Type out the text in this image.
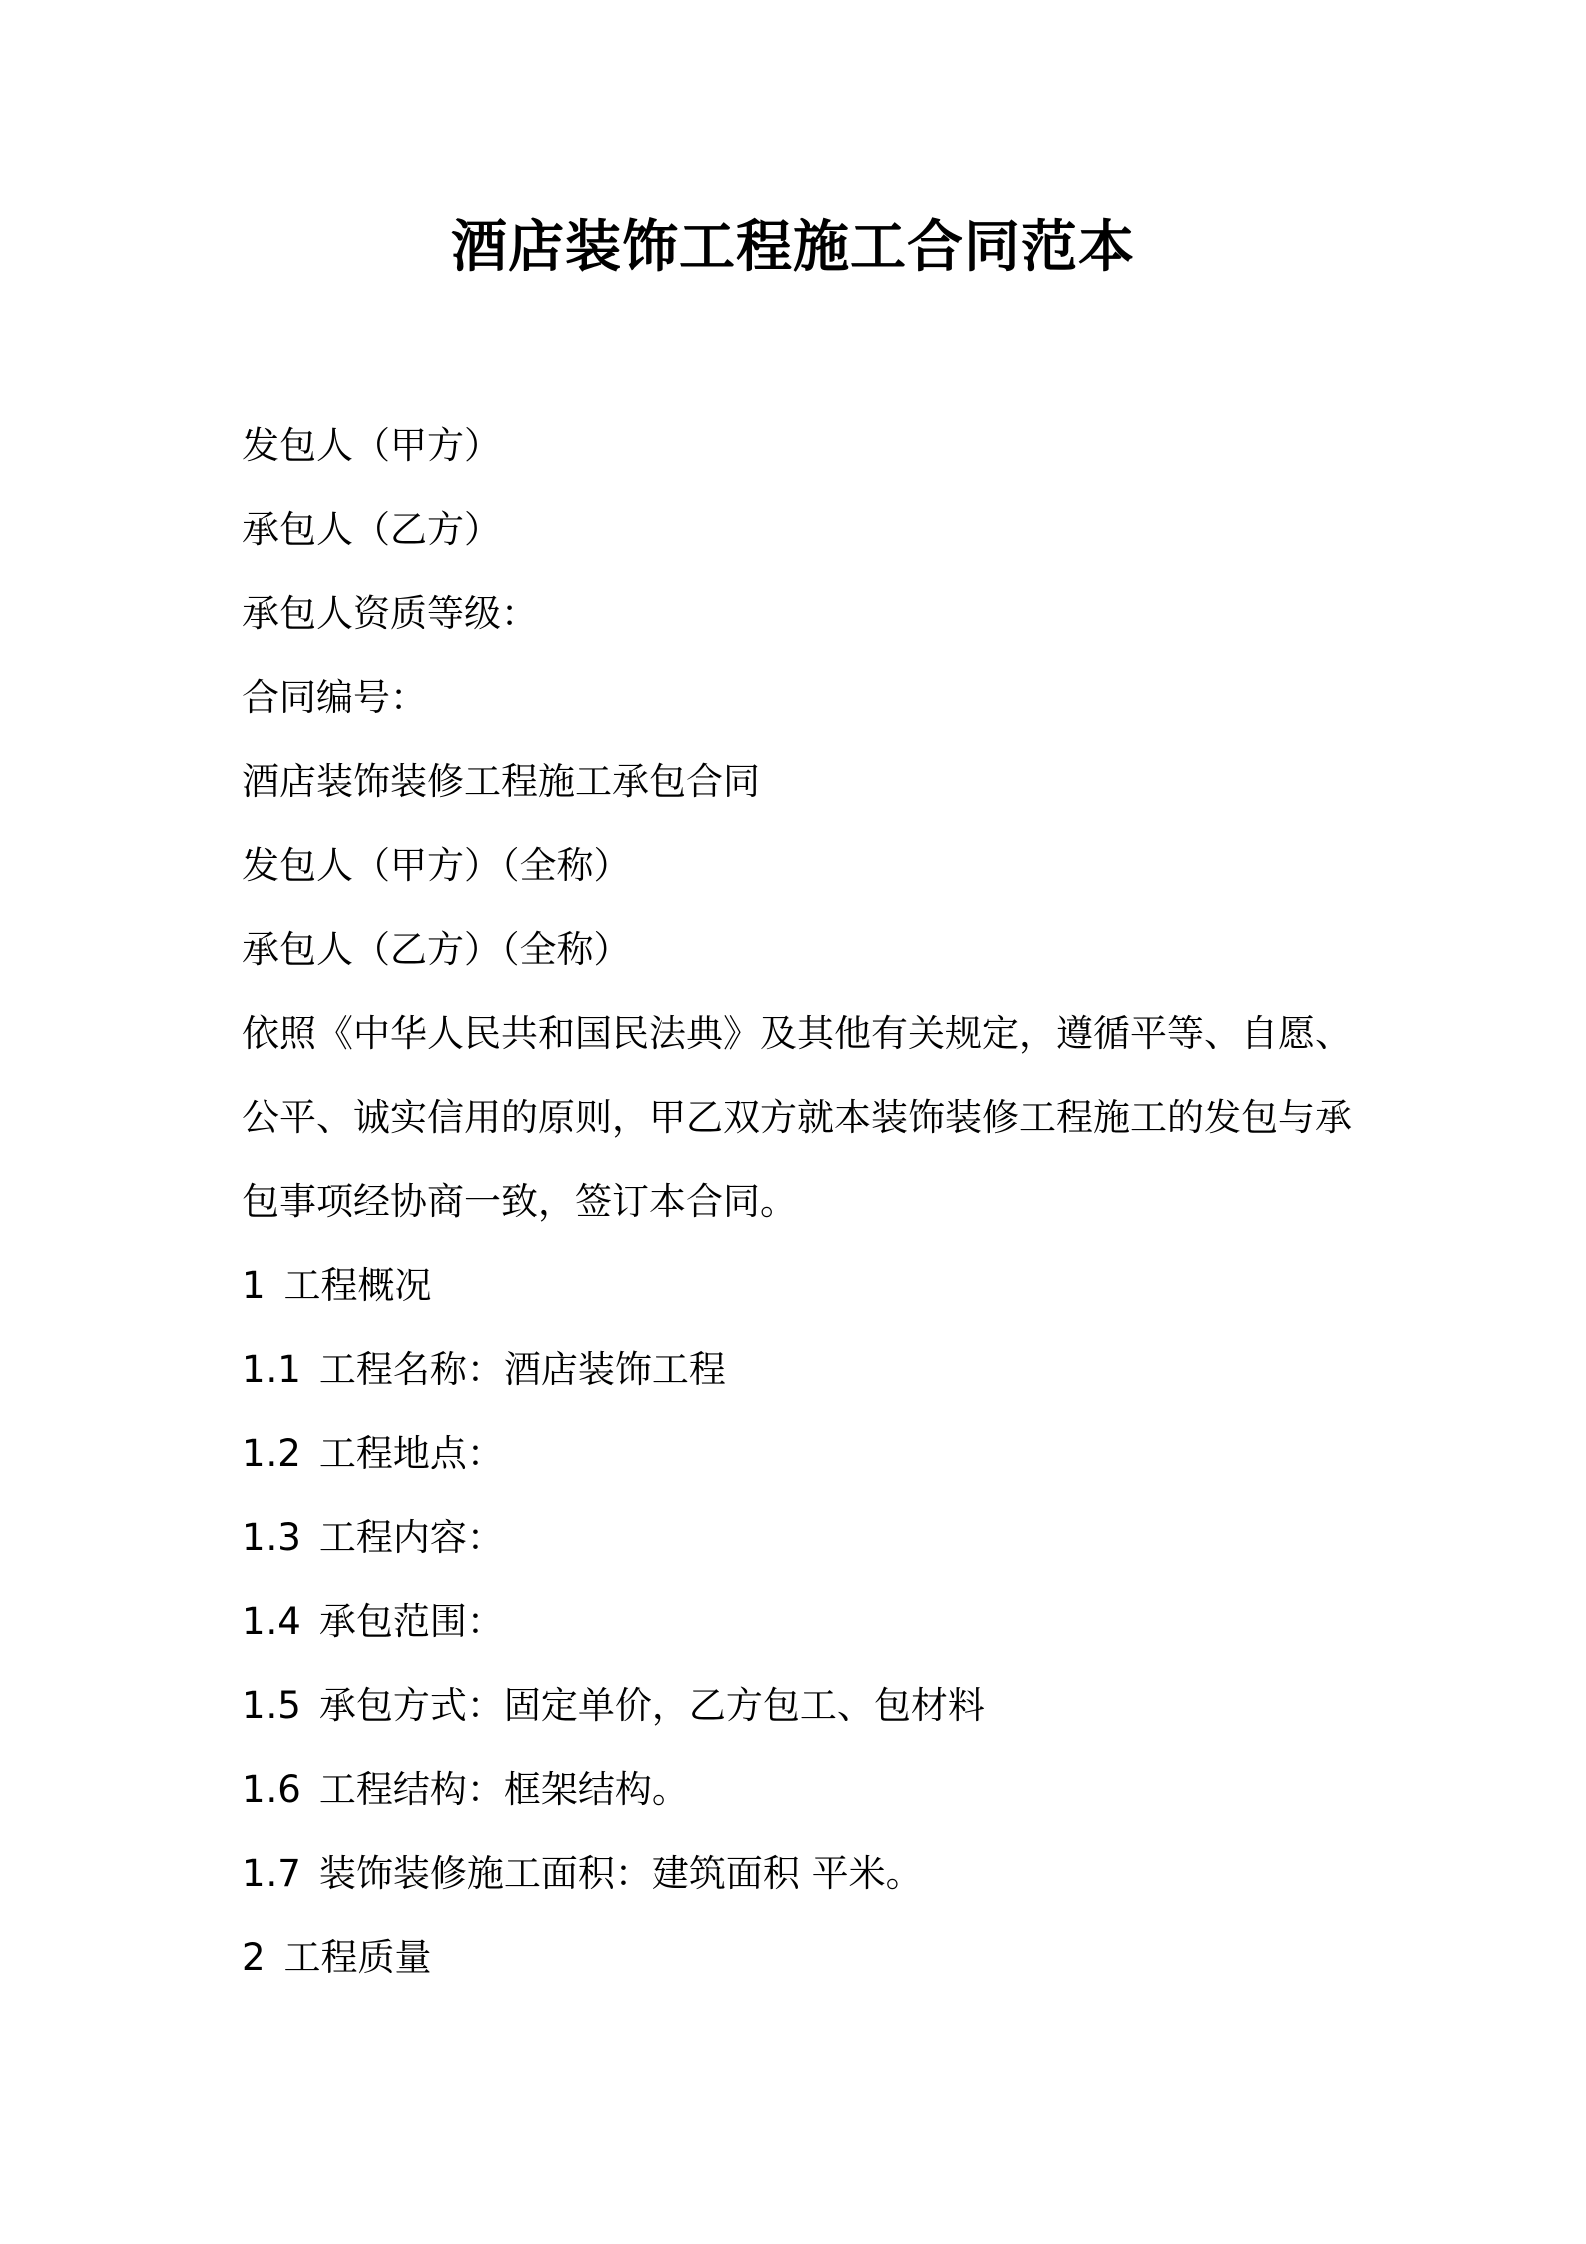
酒店装饰工程施工合同范本
发包人（甲方）
承包人（乙方）
承包人资质等级：
合同编号：
酒店装饰装修工程施工承包合同
发包人（甲方）（全称）
承包人（乙方）（全称）
依照《中华人民共和国民法典》及其他有关规定，遵循平等、自愿、
公平、诚实信用的原则，甲乙双方就本装饰装修工程施工的发包与承
包事项经协商一致，签订本合同。
1 工程概况
1.1 工程名称：酒店装饰工程
1.2 工程地点：
1.3 工程内容：
1.4 承包范围：
1.5 承包方式：固定单价，乙方包工、包材料
1.6 工程结构：框架结构。
1.7 装饰装修施工面积：建筑面积 平米。
2 工程质量
